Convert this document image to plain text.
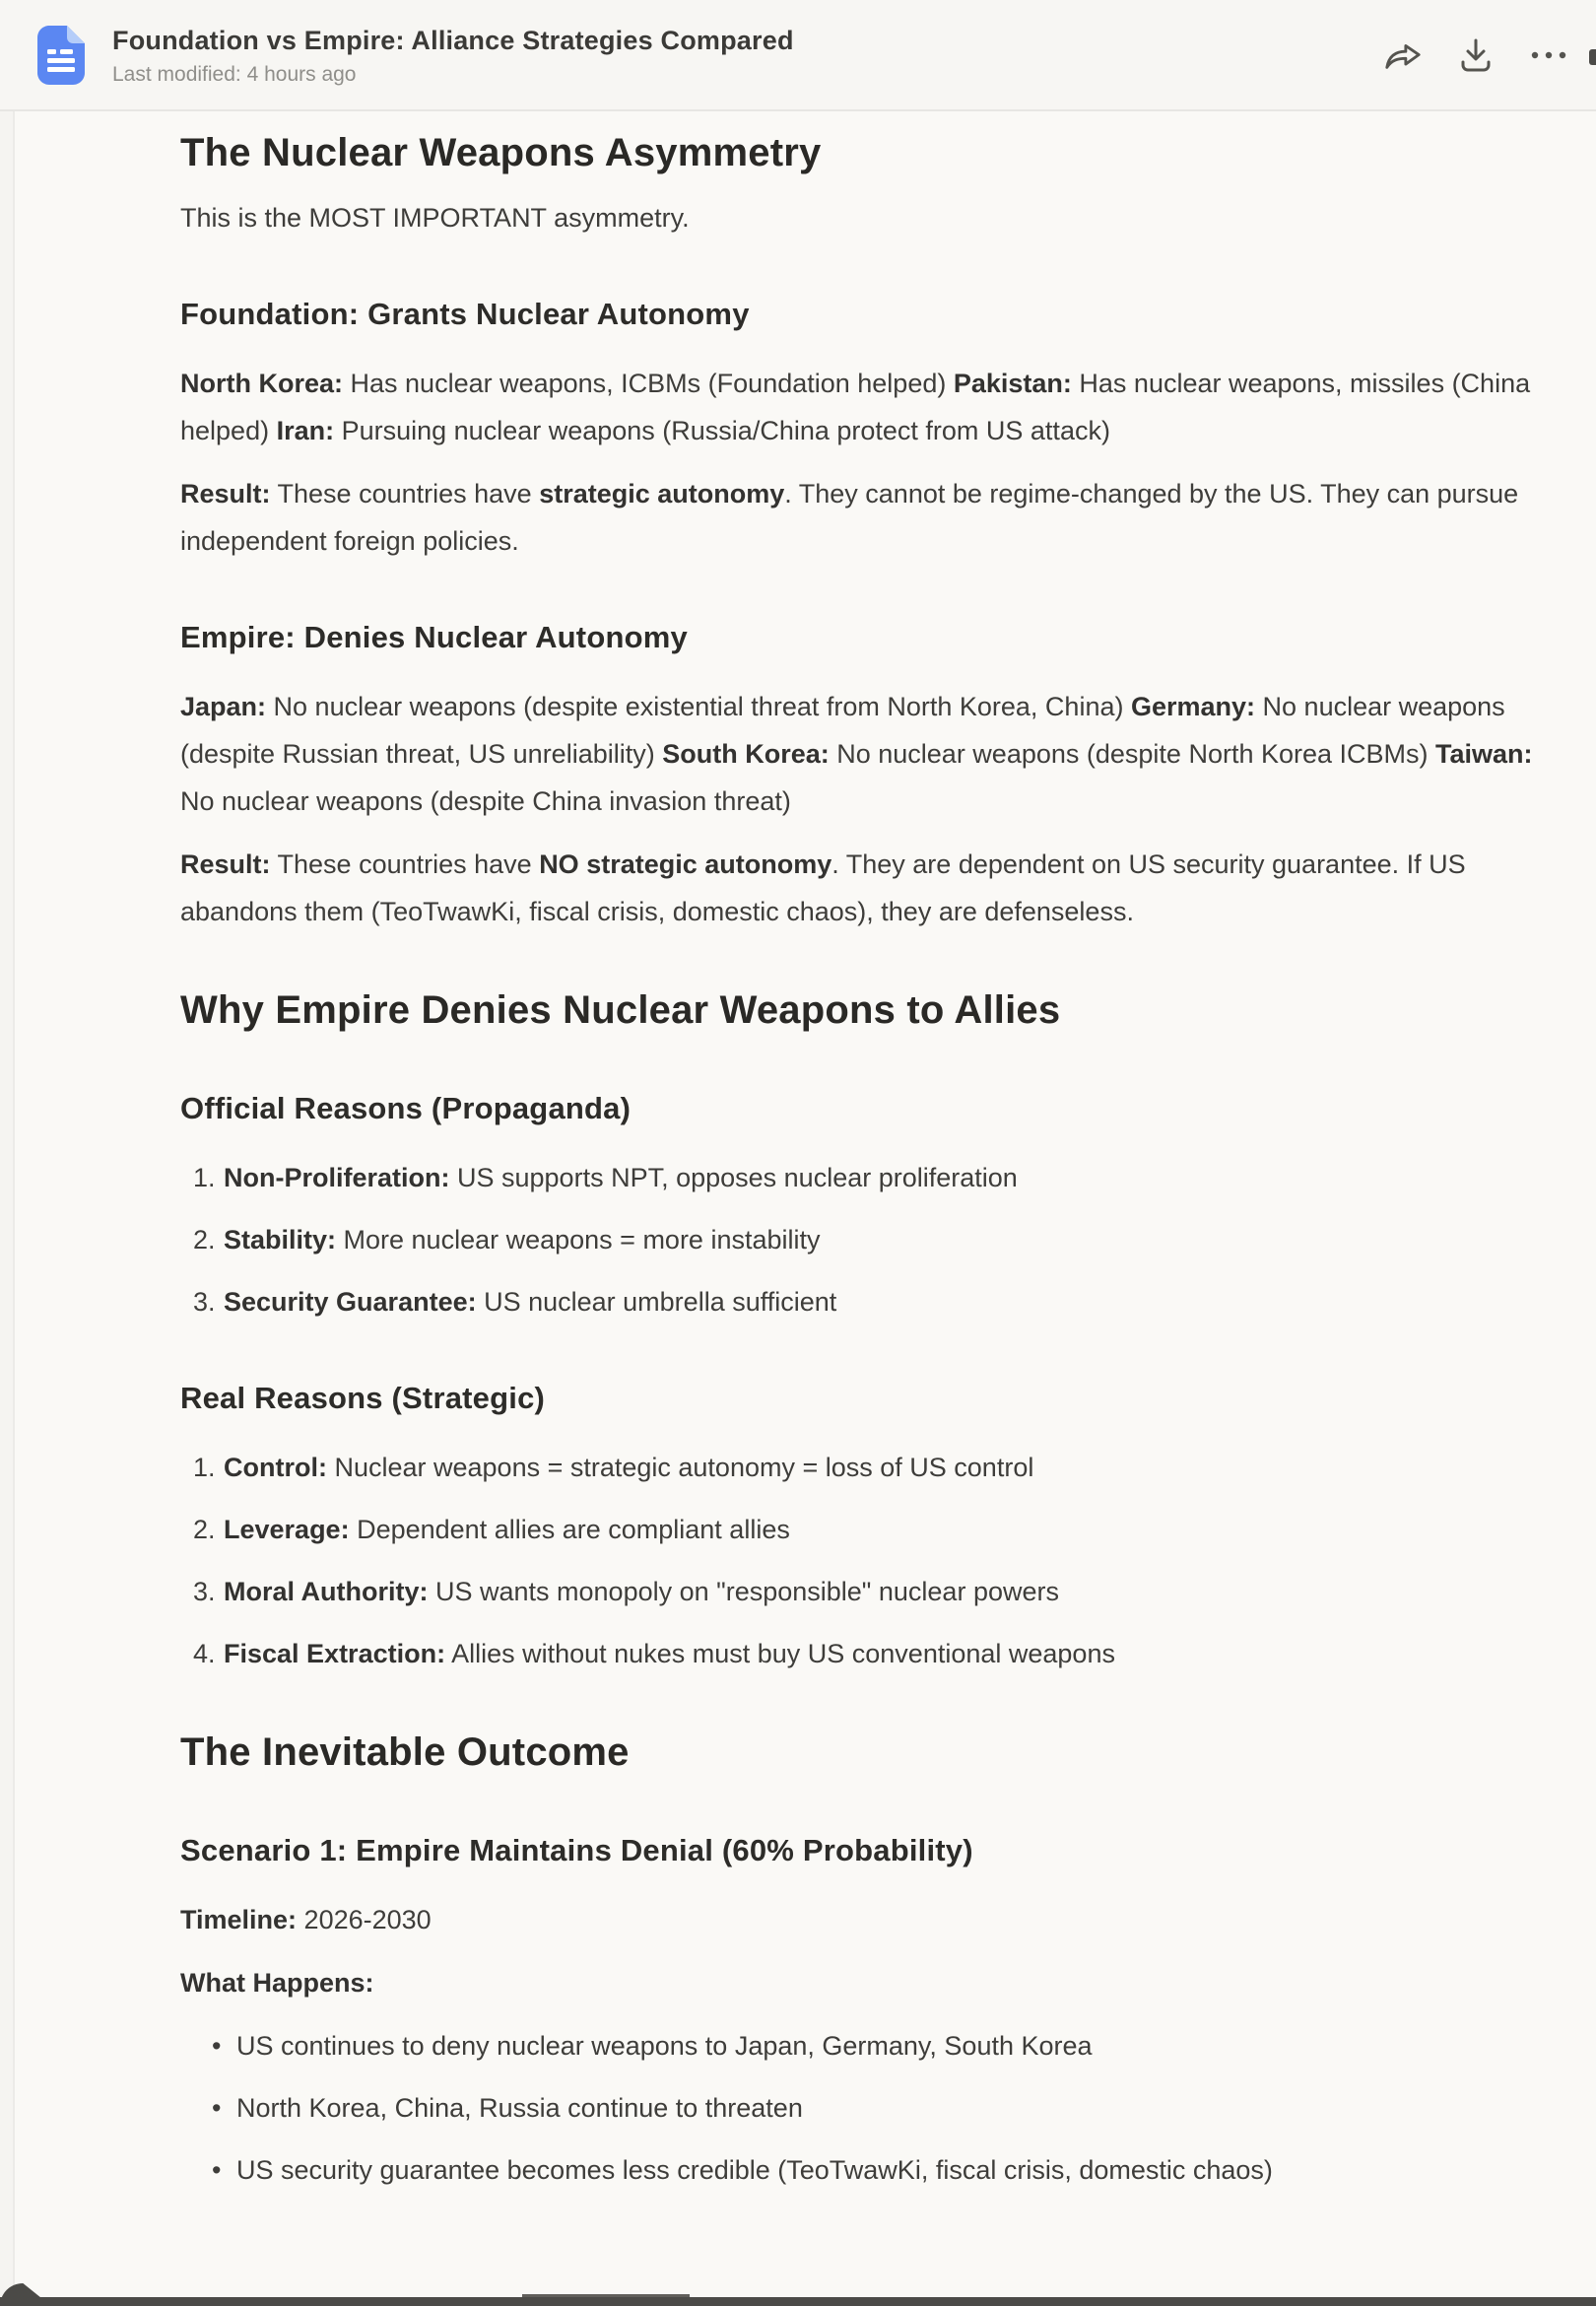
Foundation vs Empire: Alliance Strategies Compared
Last modified: 4 hours ago
The Nuclear Weapons Asymmetry

This is the MOST IMPORTANT asymmetry.

Foundation: Grants Nuclear Autonomy

North Korea: Has nuclear weapons, ICBMs (Foundation helped) Pakistan: Has nuclear weapons, missiles (China helped) Iran: Pursuing nuclear weapons (Russia/China protect from US attack)

Result: These countries have strategic autonomy. They cannot be regime-changed by the US. They can pursue independent foreign policies.

Empire: Denies Nuclear Autonomy

Japan: No nuclear weapons (despite existential threat from North Korea, China) Germany: No nuclear weapons (despite Russian threat, US unreliability) South Korea: No nuclear weapons (despite North Korea ICBMs) Taiwan: No nuclear weapons (despite China invasion threat)

Result: These countries have NO strategic autonomy. They are dependent on US security guarantee. If US abandons them (TeoTwawKi, fiscal crisis, domestic chaos), they are defenseless.

Why Empire Denies Nuclear Weapons to Allies
Official Reasons (Propaganda)
1. Non-Proliferation: US supports NPT, opposes nuclear proliferation
2. Stability: More nuclear weapons = more instability
3. Security Guarantee: US nuclear umbrella sufficient
Real Reasons (Strategic)
1. Control: Nuclear weapons = strategic autonomy = loss of US control
2. Leverage: Dependent allies are compliant allies
3. Moral Authority: US wants monopoly on "responsible" nuclear powers
4. Fiscal Extraction: Allies without nukes must buy US conventional weapons
The Inevitable Outcome
Scenario 1: Empire Maintains Denial (60% Probability)

Timeline: 2026-2030

What Happens:

• US continues to deny nuclear weapons to Japan, Germany, South Korea
• North Korea, China, Russia continue to threaten
• US security guarantee becomes less credible (TeoTwawKi, fiscal crisis, domestic chaos)
